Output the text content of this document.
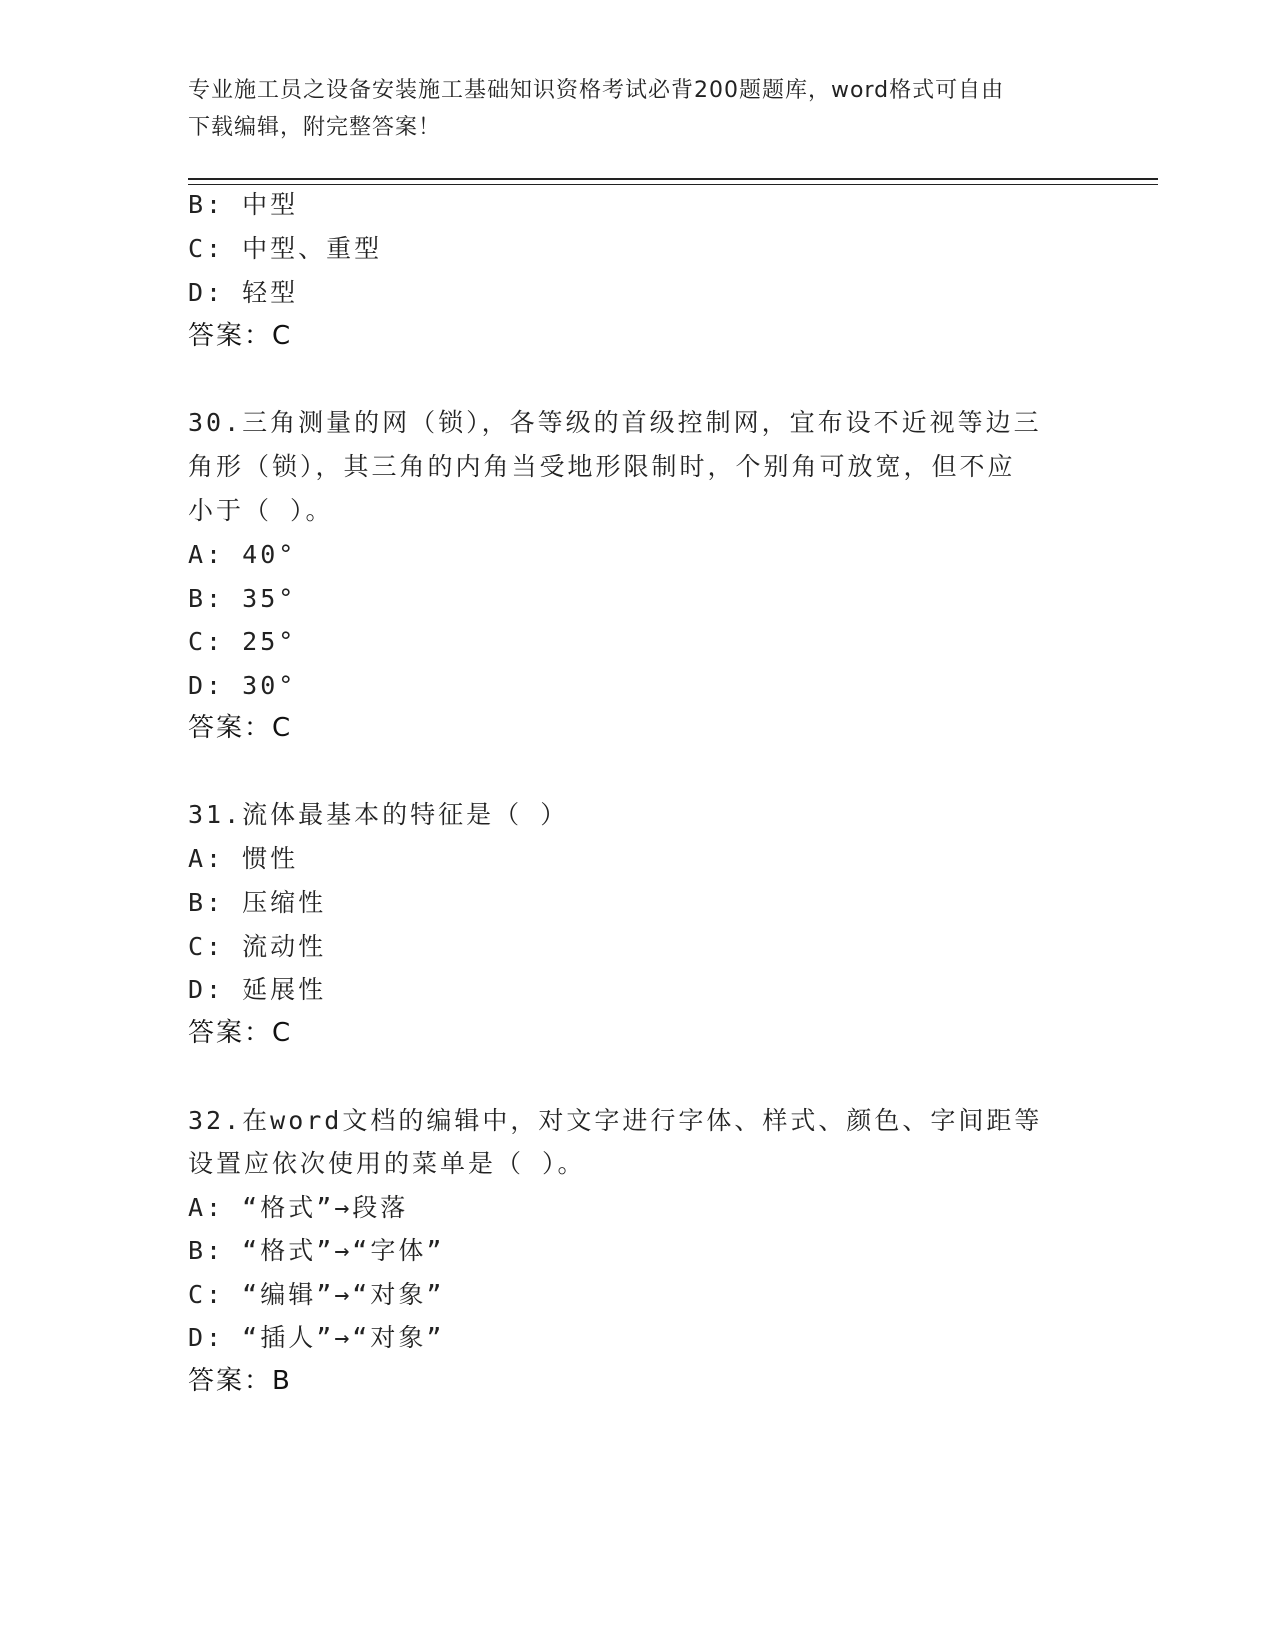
专业施工员之设备安装施工基础知识资格考试必背200题题库，word格式可自由
下载编辑，附完整答案！
B: 中型
C: 中型、重型
D: 轻型
答案：C
30.三角测量的网（锁），各等级的首级控制网，宜布设不近视等边三
角形（锁），其三角的内角当受地形限制时，个别角可放宽，但不应
小于（ ）。
A: 40°
B: 35°
C: 25°
D: 30°
答案：C
31.流体最基本的特征是（ ）
A: 惯性
B: 压缩性
C: 流动性
D: 延展性
答案：C
32.在word文档的编辑中，对文字进行字体、样式、颜色、字间距等
设置应依次使用的菜单是（ ）。
A: “格式”→段落
B: “格式”→“字体”
C: “编辑”→“对象”
D: “插人”→“对象”
答案：B
